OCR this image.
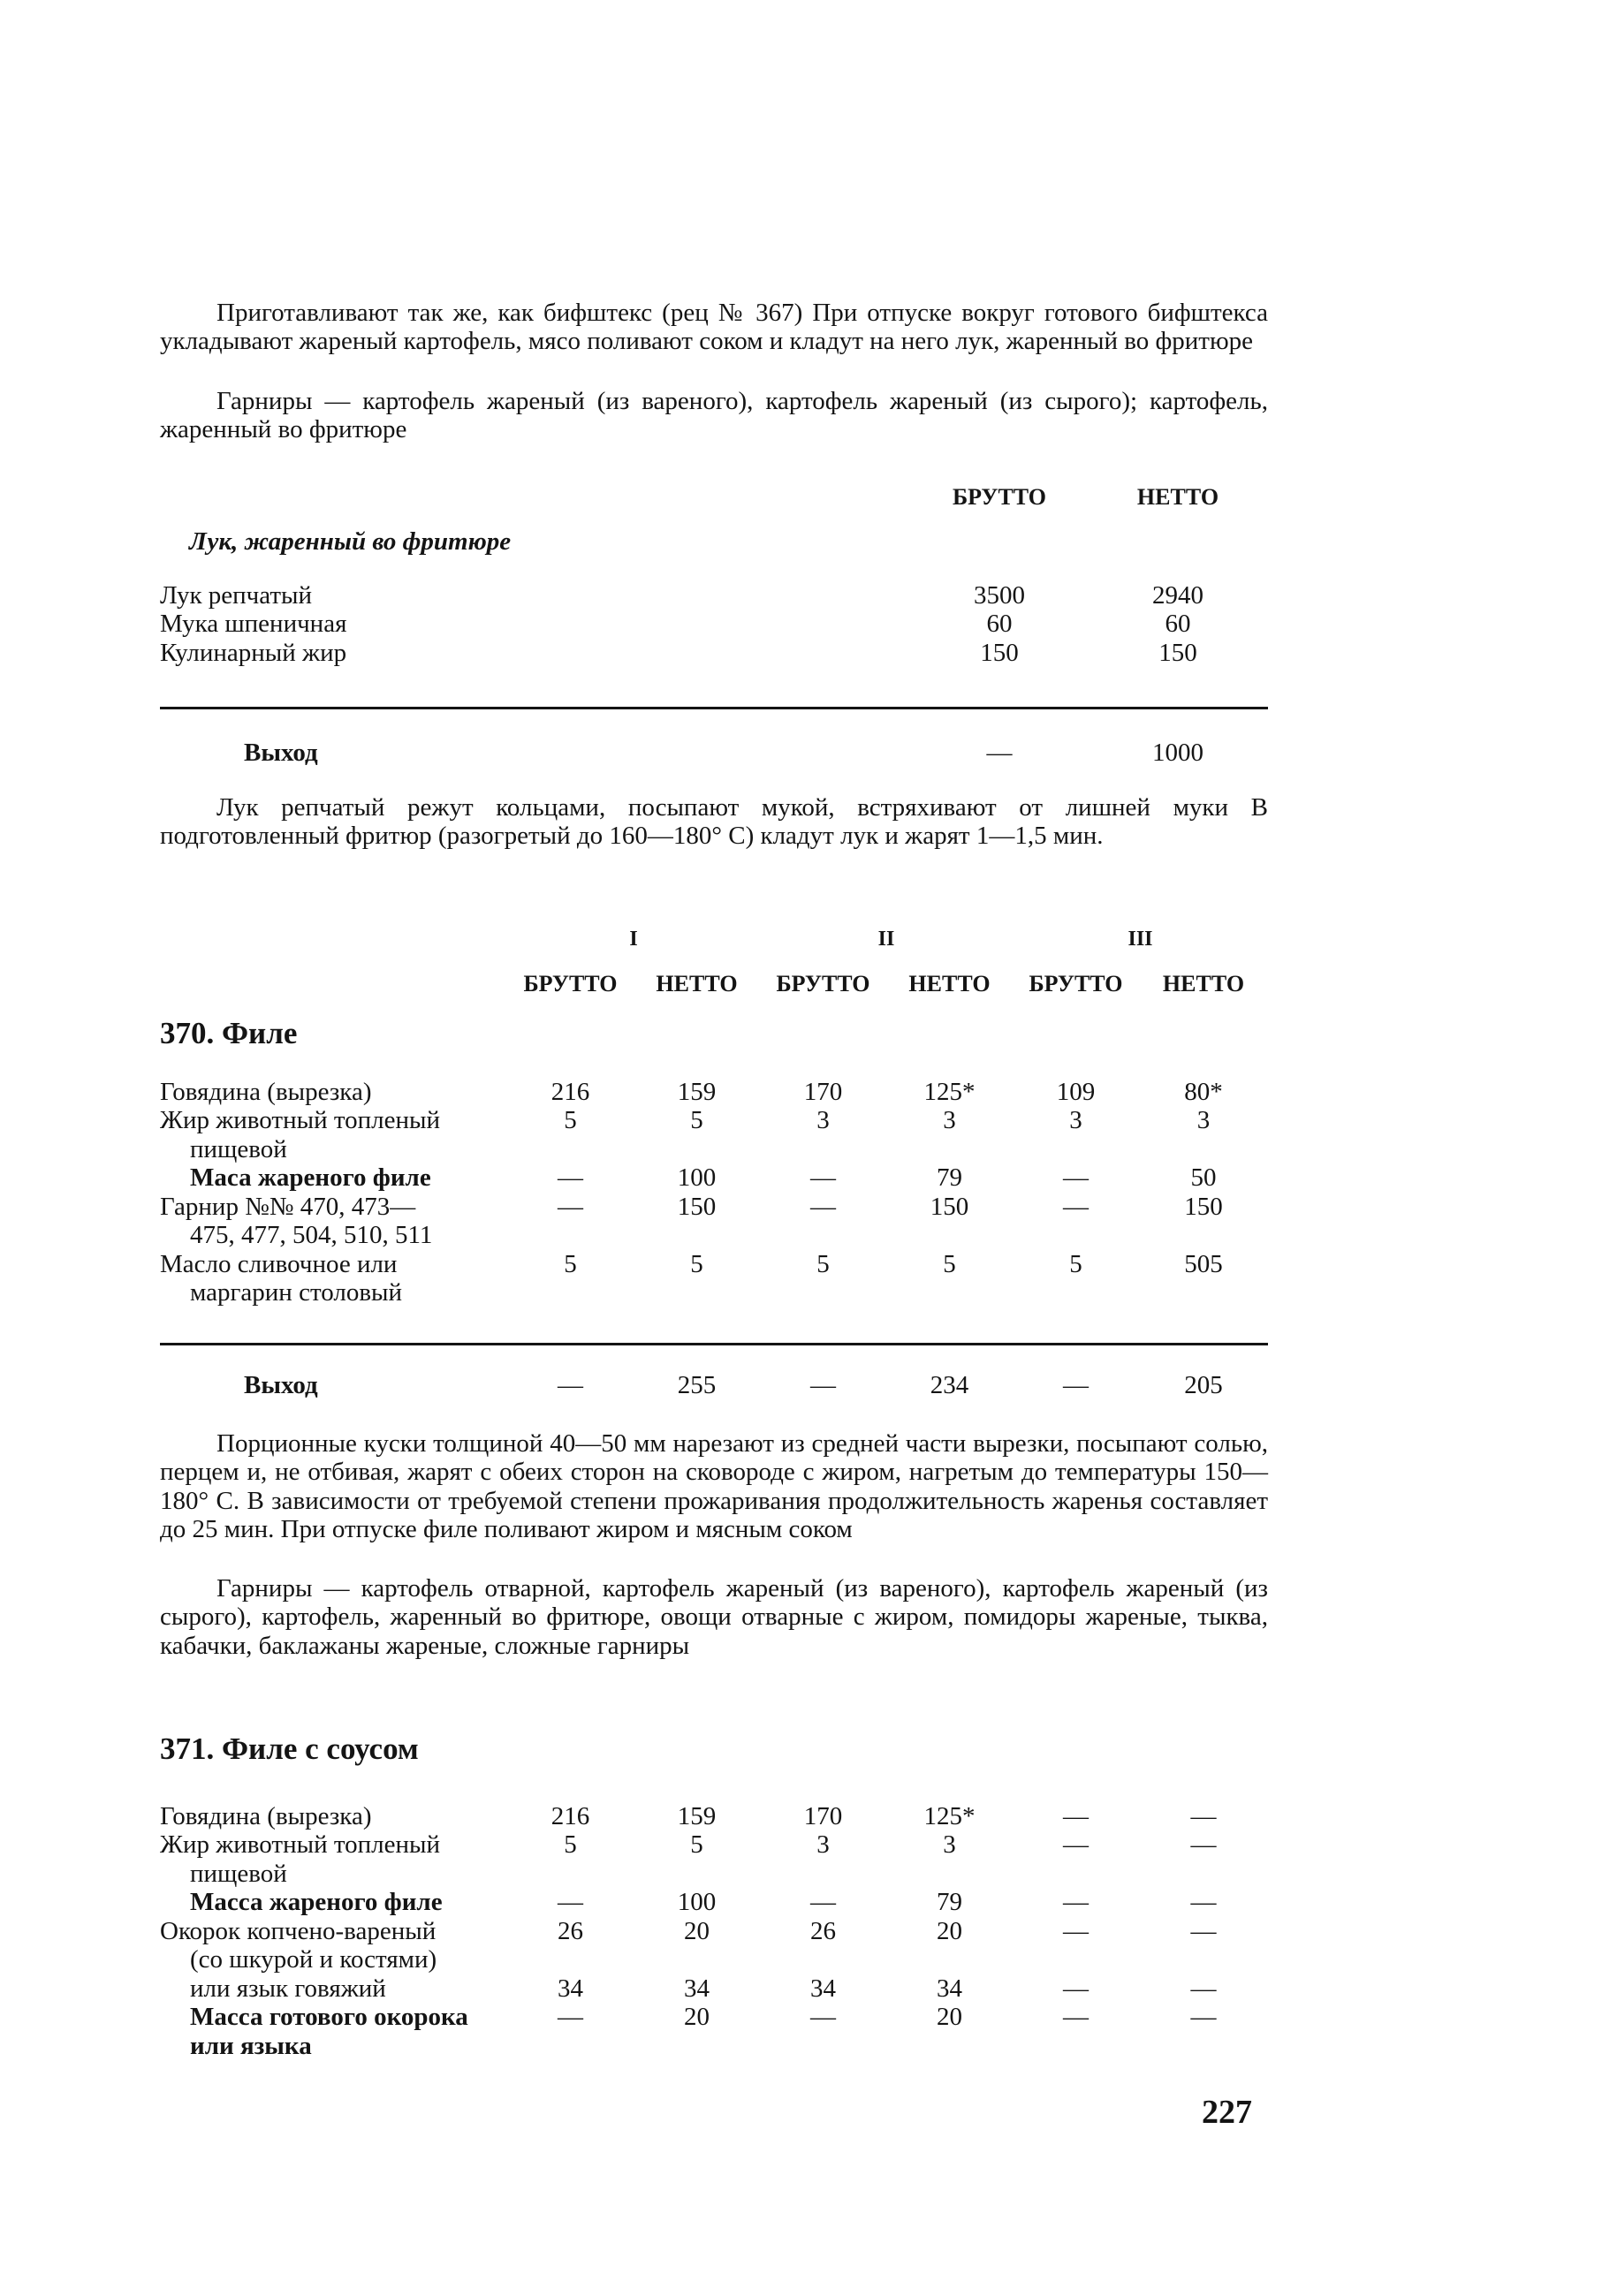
Приготавливают так же, как бифштекс (рец № 367) При отпуске вокруг готового бифштекса укладывают жареный картофель, мясо поливают соком и кладут на него лук, жаренный во фритюре

Гарниры — картофель жареный (из вареного), картофель жареный (из сырого); картофель, жаренный во фритюре

	БРУТТО	НЕТТО
Лук, жаренный во фритюре
Лук репчатый	3500	2940
Мука шпеничная	60	60
Кулинарный жир	150	150
Выход	—	1000

Лук репчатый режут кольцами, посыпают мукой, встряхивают от лишней муки В подготовленный фритюр (разогретый до 160—180° С) кладут лук и жарят 1—1,5 мин.

	I		II		III	

	БРУТТО	НЕТТО	БРУТТО	НЕТТО	БРУТТО	НЕТТО
370. Филе
Говядина (вырезка)	216	159	170	125*	109	80*

Жир животный топленый
пищевой	5	5	3	3	3	3

Маса жареного филе	—	100	—	79	—	50

Гарнир №№ 470, 473—
475, 477, 504, 510, 511	—	150	—	150	—	150

Масло сливочное или
маргарин столовый	5	5	5	5	5	505
Выход	—	255	—	234	—	205

Порционные куски толщиной 40—50 мм нарезают из средней части вырезки, посыпают солью, перцем и, не отбивая, жарят с обеих сторон на сковороде с жиром, нагретым до температуры 150—180° С. В зависимости от требуемой степени прожаривания продолжительность жаренья составляет до 25 мин. При отпуске филе поливают жиром и мясным соком

Гарниры — картофель отварной, картофель жареный (из вареного), картофель жареный (из сырого), картофель, жаренный во фритюре, овощи отварные с жиром, помидоры жареные, тыква, кабачки, баклажаны жареные, сложные гарниры

371. Филе с соусом
Говядина (вырезка)	216	159	170	125*	—	—

Жир животный топленый
пищевой	5	5	3	3	—	—

Масса жареного филе	—	100	—	79	—	—

Окорок копчено-вареный
(со шкурой и костями)	26	20	26	20	—	—

или язык говяжий	34	34	34	34	—	—

Масса готового окорока или языка	—	20	—	20	—	—
227
